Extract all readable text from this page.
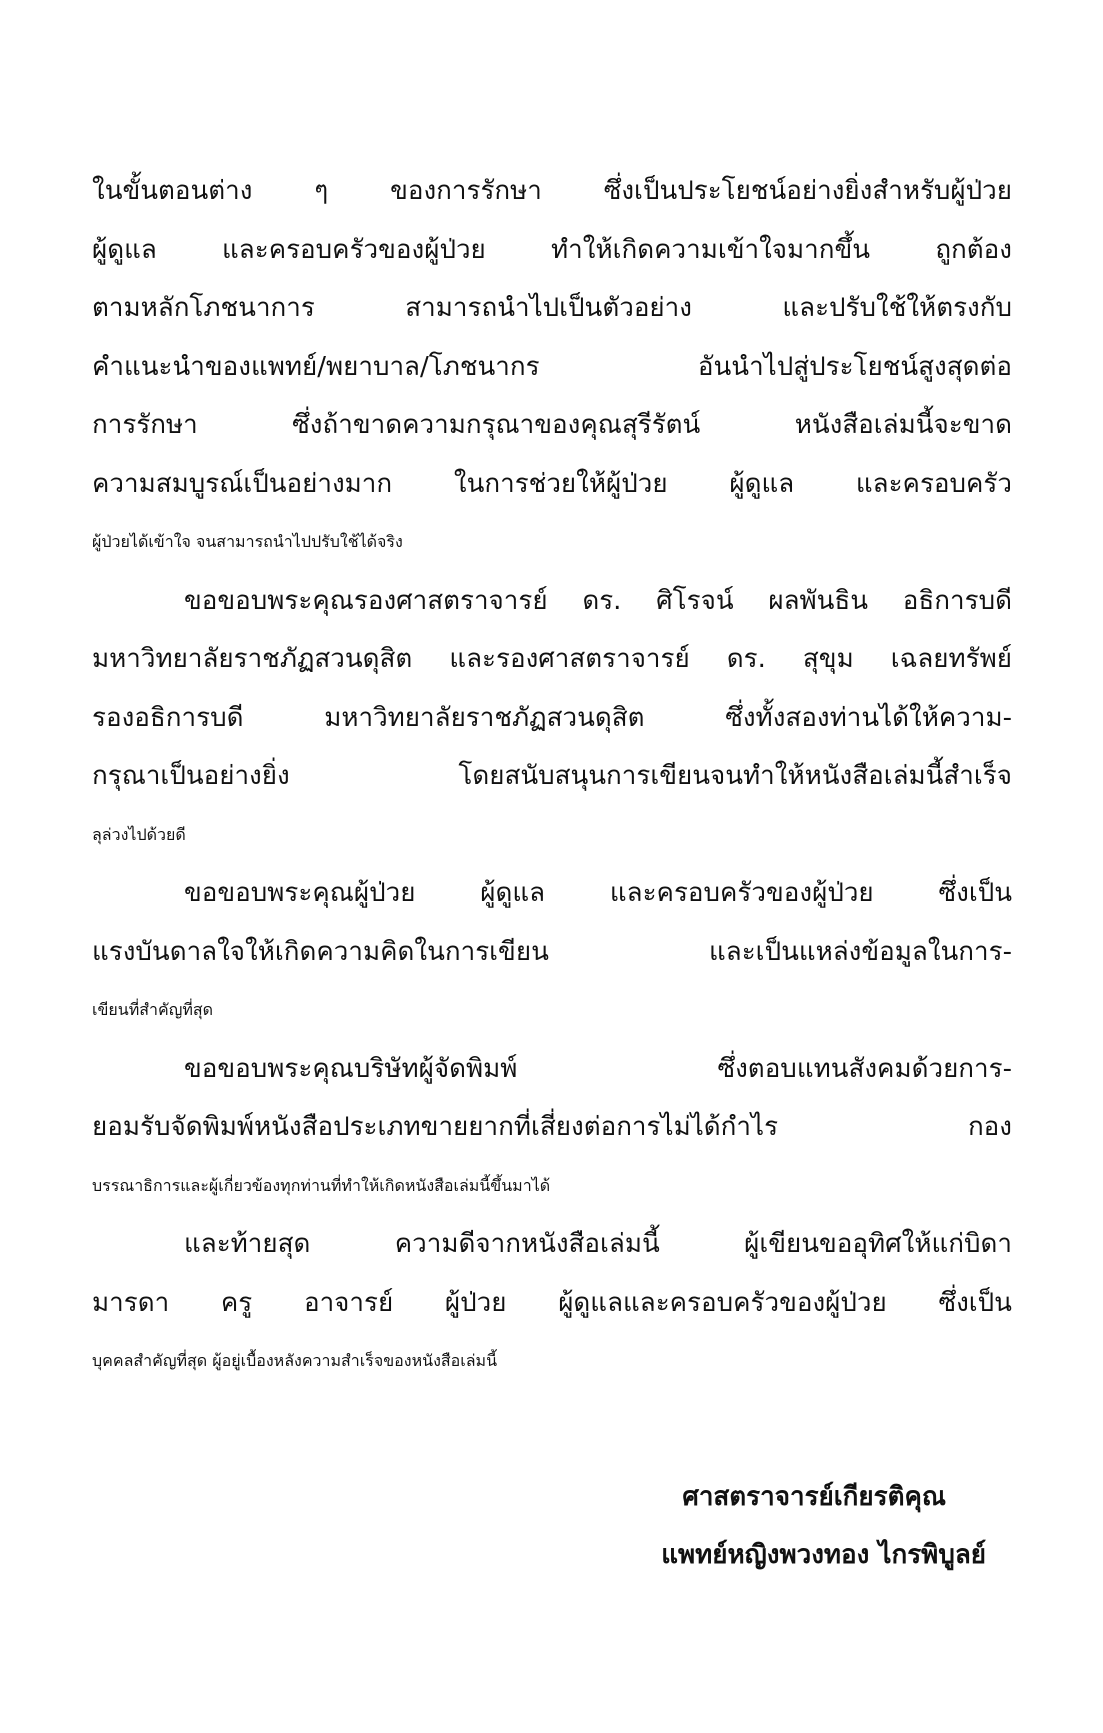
ในขั้นตอนต่าง ๆ ของการรักษา ซึ่งเป็นประโยชน์อย่างยิ่งสำหรับผู้ป่วย
ผู้ดูแล	และครอบครัวของผู้ป่วย	ทำให้เกิดความเข้าใจมากขึ้น	ถูกต้อง
ตามหลักโภชนาการ	สามารถนำไปเป็นตัวอย่าง	และปรับใช้ให้ตรงกับ
คำแนะนำของแพทย์/พยาบาล/โภชนากร	อันนำไปสู่ประโยชน์สูงสุดต่อ
การรักษา	ซึ่งถ้าขาดความกรุณาของคุณสุรีรัตน์	หนังสือเล่มนี้จะขาด
ความสมบูรณ์เป็นอย่างมาก ในการช่วยให้ผู้ป่วย ผู้ดูแล และครอบครัว
ผู้ป่วยได้เข้าใจ จนสามารถนำไปปรับใช้ได้จริง
ขอขอบพระคุณรองศาสตราจารย์ ดร. ศิโรจน์ ผลพันธิน อธิการบดี
มหาวิทยาลัยราชภัฏสวนดุสิต และรองศาสตราจารย์ ดร. สุขุม เฉลยทรัพย์
รองอธิการบดี	มหาวิทยาลัยราชภัฏสวนดุสิต	ซึ่งทั้งสองท่านได้ให้ความ-
กรุณาเป็นอย่างยิ่ง	โดยสนับสนุนการเขียนจนทำให้หนังสือเล่มนี้สำเร็จ
ลุล่วงไปด้วยดี
ขอขอบพระคุณผู้ป่วย ผู้ดูแล และครอบครัวของผู้ป่วย ซึ่งเป็น
แรงบันดาลใจให้เกิดความคิดในการเขียน	และเป็นแหล่งข้อมูลในการ-
เขียนที่สำคัญที่สุด
ขอขอบพระคุณบริษัทผู้จัดพิมพ์	ซึ่งตอบแทนสังคมด้วยการ-
ยอมรับจัดพิมพ์หนังสือประเภทขายยากที่เสี่ยงต่อการไม่ได้กำไร	กอง
บรรณาธิการและผู้เกี่ยวข้องทุกท่านที่ทำให้เกิดหนังสือเล่มนี้ขึ้นมาได้
และท้ายสุด	ความดีจากหนังสือเล่มนี้	ผู้เขียนขออุทิศให้แก่บิดา
มารดา ครู อาจารย์ ผู้ป่วย ผู้ดูแลและครอบครัวของผู้ป่วย ซึ่งเป็น
บุคคลสำคัญที่สุด ผู้อยู่เบื้องหลังความสำเร็จของหนังสือเล่มนี้
ศาสตราจารย์เกียรติคุณ
แพทย์หญิงพวงทอง ไกรพิบูลย์
